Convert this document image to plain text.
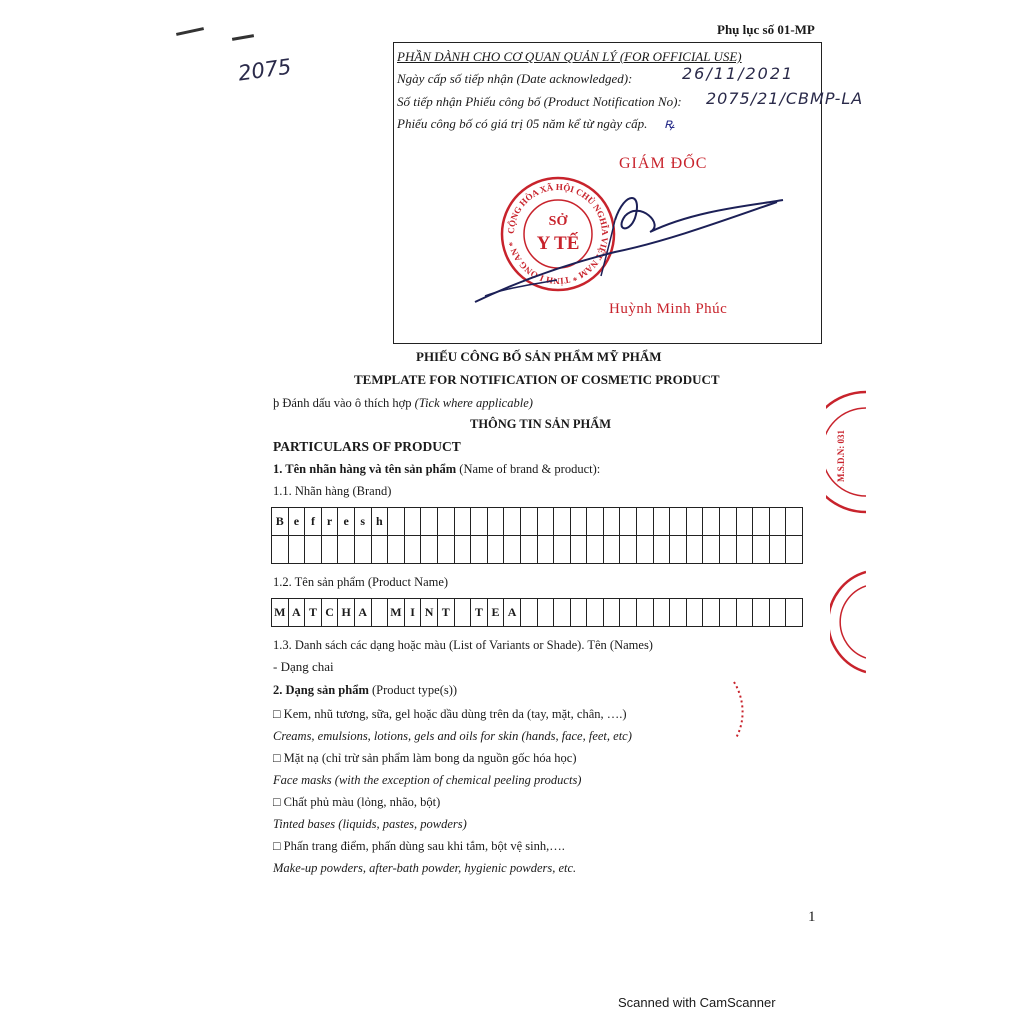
2075
Phụ lục số 01-MP
PHẦN DÀNH CHO CƠ QUAN QUẢN LÝ (FOR OFFICIAL USE)
Ngày cấp số tiếp nhận (Date acknowledged):	26/11/2021
Số tiếp nhận Phiếu công bố (Product Notification No): 2075/21/CBMP-LA
Phiếu công bố có giá trị 05 năm kể từ ngày cấp. ꝶ
GIÁM ĐỐC
CỘNG HÒA XÃ HỘI CHỦ NGHĨA VIỆT NAM * TỈNH LONG AN *
SỞ
Y TẾ
Huỳnh Minh Phúc
M.S.D.N: 031
PHIẾU CÔNG BỐ SẢN PHẨM MỸ PHẨM
TEMPLATE FOR NOTIFICATION OF COSMETIC PRODUCT
þ Đánh dấu vào ô thích hợp (Tick where applicable)
THÔNG TIN SẢN PHẨM
PARTICULARS OF PRODUCT
1. Tên nhãn hàng và tên sản phẩm (Name of brand & product):
1.1. Nhãn hàng (Brand)
B e f r e s h
1.2. Tên sản phẩm (Product Name)
M A T C H A	M I N T	T E A
1.3. Danh sách các dạng hoặc màu (List of Variants or Shade). Tên (Names)
- Dạng chai
2. Dạng sản phẩm (Product type(s))
□ Kem, nhũ tương, sữa, gel hoặc dầu dùng trên da (tay, mặt, chân, ….)
Creams, emulsions, lotions, gels and oils for skin (hands, face, feet, etc)
□ Mặt nạ (chỉ trừ sản phẩm làm bong da nguồn gốc hóa học)
Face masks (with the exception of chemical peeling products)
□ Chất phủ màu (lỏng, nhão, bột)
Tinted bases (liquids, pastes, powders)
□ Phấn trang điểm, phấn dùng sau khi tắm, bột vệ sinh,….
Make-up powders, after-bath powder, hygienic powders, etc.
1
Scanned with CamScanner
